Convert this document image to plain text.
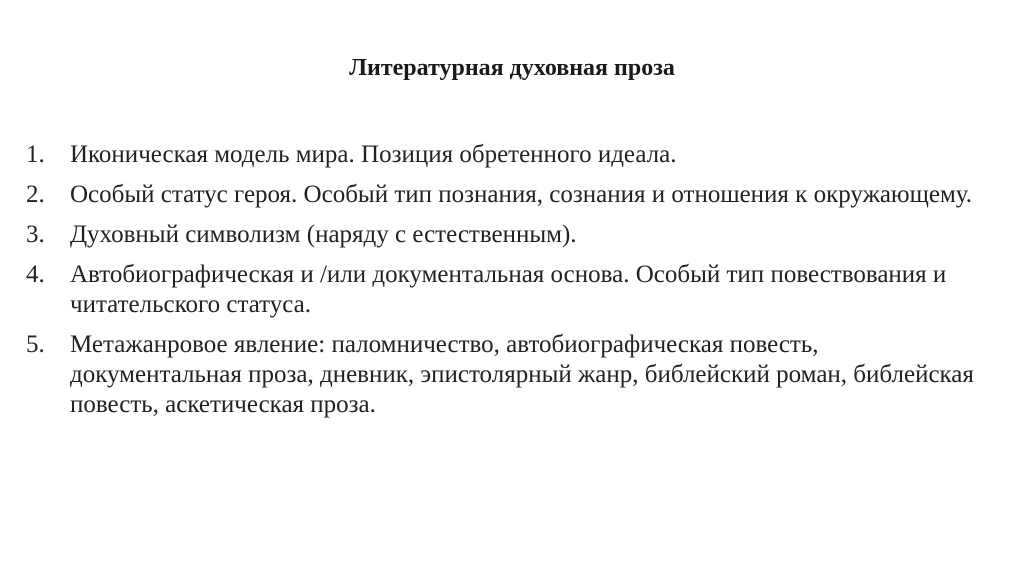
Литературная духовная проза
1.	Иконическая модель мира. Позиция обретенного идеала.
2.	Особый статус героя. Особый тип познания, сознания и отношения к окружающему.
3.	Духовный символизм (наряду с естественным).
4.	Автобиографическая и /или документальная основа. Особый тип повествования и читательского статуса.
5.	Метажанровое явление: паломничество, автобиографическая повесть, документальная проза, дневник, эпистолярный жанр, библейский роман, библейская повесть, аскетическая проза.
